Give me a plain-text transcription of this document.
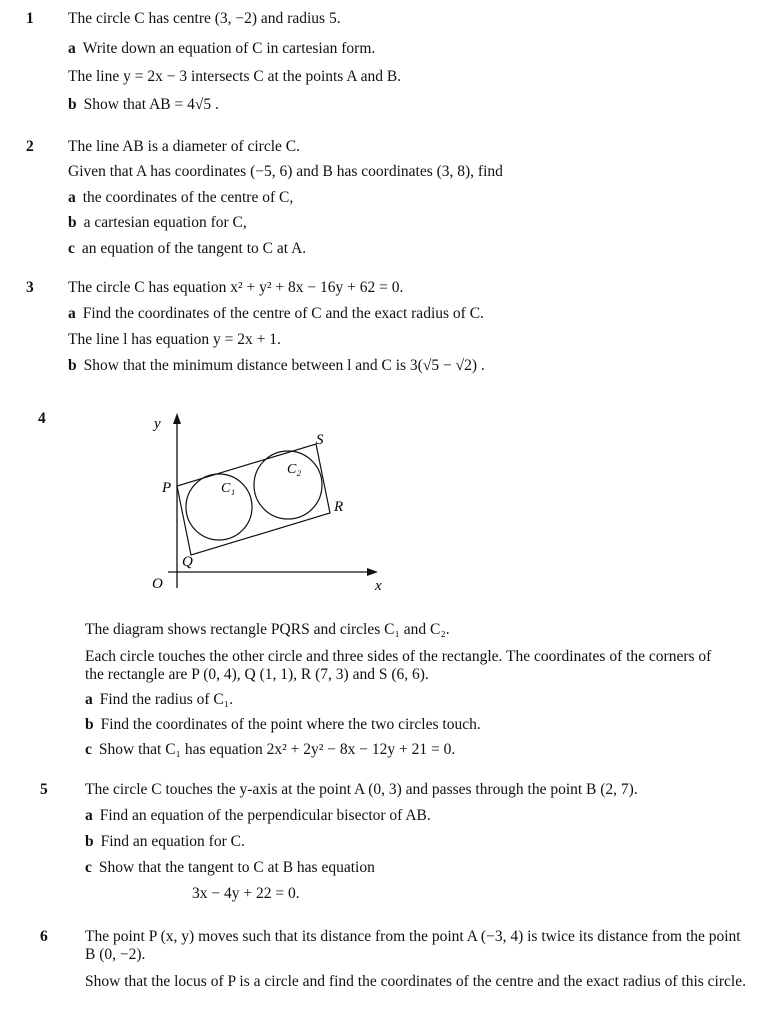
1 The circle C has centre (3, −2) and radius 5.
a Write down an equation of C in cartesian form.
The line y = 2x − 3 intersects C at the points A and B.
b Show that AB = 4√5 .
2 The line AB is a diameter of circle C.
Given that A has coordinates (−5, 6) and B has coordinates (3, 8), find
a the coordinates of the centre of C,
b a cartesian equation for C,
c an equation of the tangent to C at A.
3 The circle C has equation x² + y² + 8x − 16y + 62 = 0.
a Find the coordinates of the centre of C and the exact radius of C.
The line l has equation y = 2x + 1.
b Show that the minimum distance between l and C is 3(√5 − √2) .
4	y
x
O
P
Q
R
S
C₁
C₂
The diagram shows rectangle PQRS and circles C₁ and C₂.
Each circle touches the other circle and three sides of the rectangle. The coordinates of the corners of the rectangle are P (0, 4), Q (1, 1), R (7, 3) and S (6, 6).
a Find the radius of C₁.
b Find the coordinates of the point where the two circles touch.
c Show that C₁ has equation 2x² + 2y² − 8x − 12y + 21 = 0.
5 The circle C touches the y-axis at the point A (0, 3) and passes through the point B (2, 7).
a Find an equation of the perpendicular bisector of AB.
b Find an equation for C.
c Show that the tangent to C at B has equation
3x − 4y + 22 = 0.
6 The point P (x, y) moves such that its distance from the point A (−3, 4) is twice its distance from the point B (0, −2).
Show that the locus of P is a circle and find the coordinates of the centre and the exact radius of this circle.
